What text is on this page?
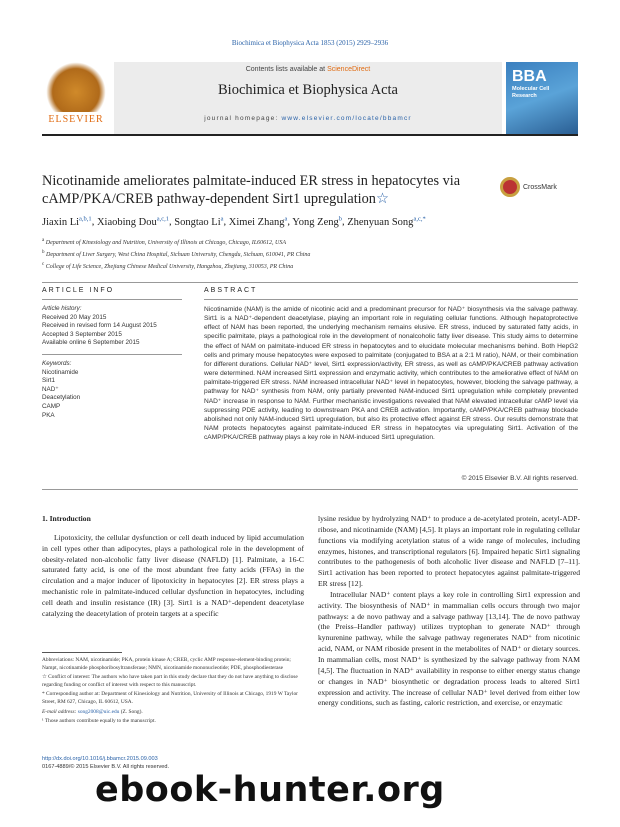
Biochimica et Biophysica Acta 1853 (2015) 2929–2936
ELSEVIER
Contents lists available at ScienceDirect
Biochimica et Biophysica Acta
journal homepage: www.elsevier.com/locate/bbamcr
BBA
Molecular Cell Research
Nicotinamide ameliorates palmitate-induced ER stress in hepatocytes via cAMP/PKA/CREB pathway-dependent Sirt1 upregulation☆
CrossMark
Jiaxin Li$^{a,b,1}$, Xiaobing Dou$^{a,c,1}$, Songtao Li$^a$, Ximei Zhang$^a$, Yong Zeng$^b$, Zhenyuan Song$^{a,c,*}$
$^a$ Department of Kinesiology and Nutrition, University of Illinois at Chicago, Chicago, IL60612, USA
$^b$ Department of Liver Surgery, West China Hospital, Sichuan University, Chengdu, Sichuan, 610041, PR China
$^c$ College of Life Science, Zhejiang Chinese Medical University, Hangzhou, Zhejiang, 310053, PR China
ARTICLE INFO	ABSTRACT
Article history:
Received 20 May 2015
Received in revised form 14 August 2015
Accepted 3 September 2015
Available online 6 September 2015
Keywords:
Nicotinamide
Sirt1
NAD⁺
Deacetylation
CAMP
PKA
Nicotinamide (NAM) is the amide of nicotinic acid and a predominant precursor for NAD⁺ biosynthesis via the salvage pathway. Sirt1 is a NAD⁺-dependent deacetylase, playing an important role in regulating cellular functions. Although hepatoprotective effect of NAM has been reported, the underlying mechanism remains elusive. ER stress, induced by saturated fatty acids, in specific palmitate, plays a pathological role in the development of nonalcoholic fatty liver disease. This study aims to determine the effect of NAM on palmitate-induced ER stress in hepatocytes and to elucidate molecular mechanisms behind. Both HepG2 cells and primary mouse hepatocytes were exposed to palmitate (conjugated to BSA at a 2:1 M ratio), NAM, or their combination for different durations. Cellular NAD⁺ level, Sirt1 expression/activity, ER stress, as well as cAMP/PKA/CREB pathway activation were determined. NAM increased Sirt1 expression and enzymatic activity, which contributes to the ameliorative effect of NAM on palmitate-triggered ER stress. NAM increased intracellular NAD⁺ level in hepatocytes, however, blocking the salvage pathway, a pathway for NAD⁺ synthesis from NAM, only partially prevented NAM-induced Sirt1 upregulation while completely prevented NAD⁺ increase in response to NAM. Further mechanistic investigations revealed that NAM elevated intracellular cAMP level via suppressing PDE activity, leading to downstream PKA and CREB activation. Importantly, cAMP/PKA/CREB pathway blockade abolished not only NAM-induced Sirt1 upregulation, but also its protective effect against ER stress. Our results demonstrate that NAM protects hepatocytes against palmitate-induced ER stress in hepatocytes via upregulating Sirt1. Activation of the cAMP/PKA/CREB pathway plays a key role in NAM-induced Sirt1 upregulation.
© 2015 Elsevier B.V. All rights reserved.
1. Introduction

Lipotoxicity, the cellular dysfunction or cell death induced by lipid accumulation in cell types other than adipocytes, plays a pathological role in the development of obesity-related non-alcoholic fatty liver disease (NAFLD) [1]. Palmitate, a 16-C saturated fatty acid, is one of the most abundant free fatty acids (FFAs) in the circulation and a major inducer of lipotoxicity in hepatocytes [2]. ER stress plays a mechanistic role in palmitate-induced cellular dysfunction in hepatocytes, including cell death and insulin resistance (IR) [3]. Sirt1 is a NAD⁺-dependent deacetylase catalyzing the deacetylation of protein targets at a specific

lysine residue by hydrolyzing NAD⁺ to produce a de-acetylated protein, acetyl-ADP-ribose, and nicotinamide (NAM) [4,5]. It plays an important role in regulating cellular functions via modifying acetylation status of a wide range of molecules, including enzymes, histones, and transcriptional regulators [6]. Impaired hepatic Sirt1 signaling contributes to the pathogenesis of both alcoholic liver disease and NAFLD [7–11]. Sirt1 activation has been reported to protect hepatocytes against palmitate-triggered ER stress [12].

Intracellular NAD⁺ content plays a key role in controlling Sirt1 expression and activity. The biosynthesis of NAD⁺ in mammalian cells occurs through two major pathways: a de novo pathway and a salvage pathway [13,14]. The de novo pathway (the Preiss–Handler pathway) utilizes tryptophan to generate NAD⁺ through kynurenine pathway, while the salvage pathway regenerates NAD⁺ from nicotinic acid, NAM, or NAM riboside present in the metabolites of NAD⁺ or dietary sources. In mammalian cells, most NAD⁺ is synthesized by the salvage pathway from NAM [4,5]. The fluctuation in NAD⁺ availability in response to either energy status change or changes in NAD⁺ biosynthetic or degradation process leads to altered Sirt1 expression and activity. The increase of cellular NAD⁺ level derived from either low energy conditions, such as fasting, caloric restriction, and exercise, or enzymatic

Abbreviations: NAM, nicotinamide; PKA, protein kinase A; CREB, cyclic AMP response-element-binding protein; Nampt, nicotinamide phosphoribosyltransferase; NMN, nicotinamide mononucleotide; PDE, phosphodiesterase

☆ Conflict of interest: The authors who have taken part in this study declare that they do not have anything to disclose regarding funding or conflict of interest with respect to this manuscript.

* Corresponding author at: Department of Kinesiology and Nutrition, University of Illinois at Chicago, 1919 W Taylor Street, RM 627, Chicago, IL 60612, USA.

E-mail address: song2008@uic.edu (Z. Song).

¹ Those authors contribute equally to the manuscript.

http://dx.doi.org/10.1016/j.bbamcr.2015.09.003
0167-4889/© 2015 Elsevier B.V. All rights reserved.
ebook-hunter.org
